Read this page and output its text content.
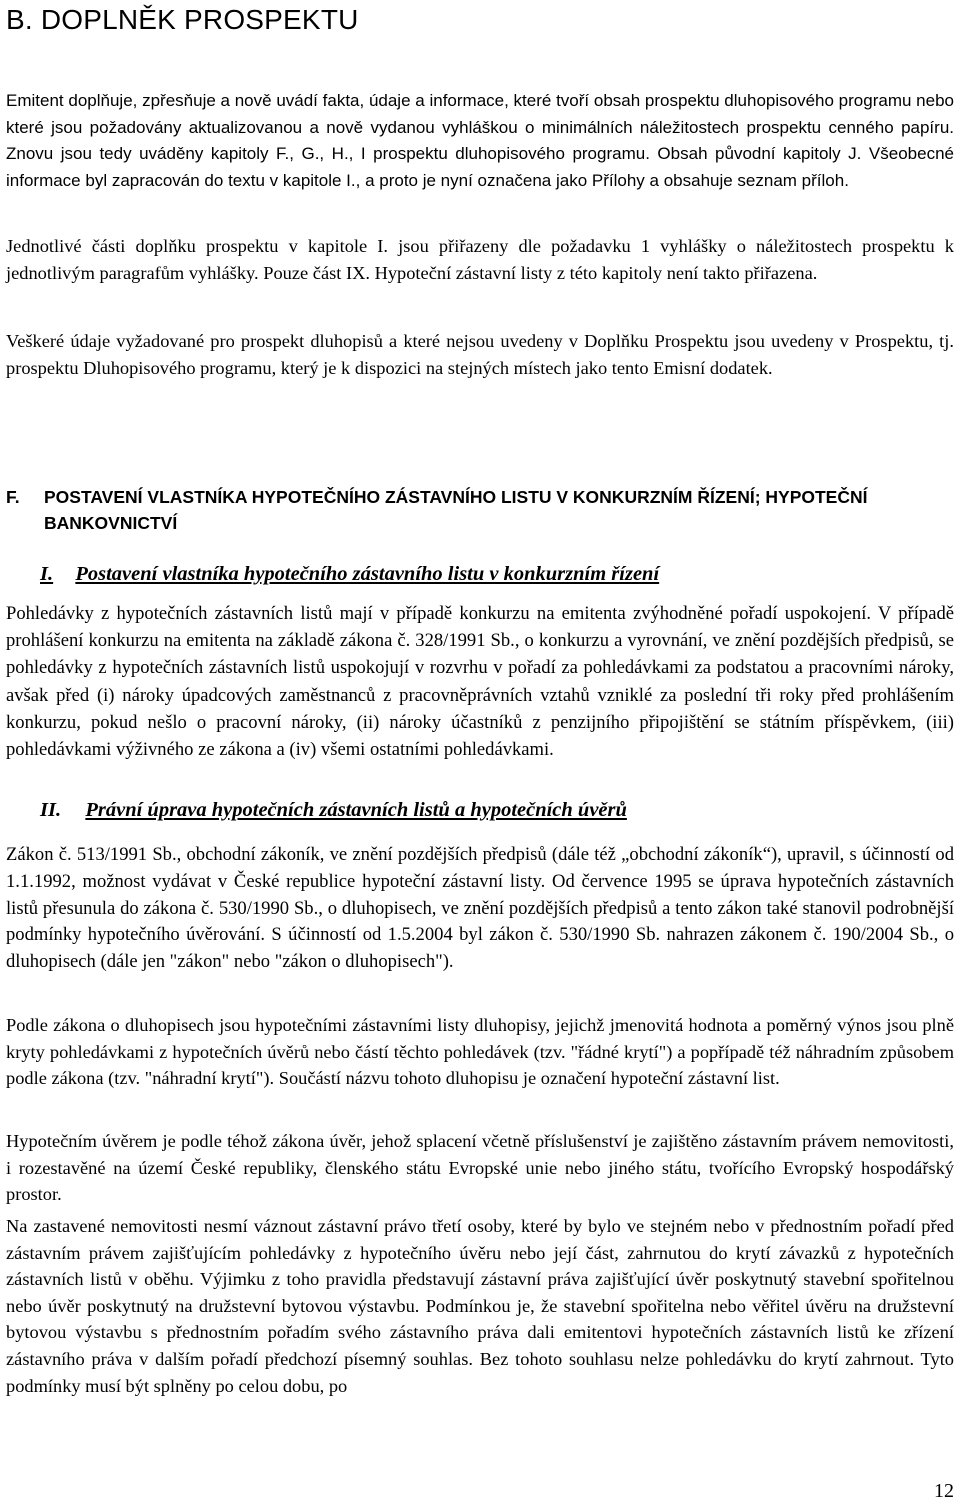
B. DOPLNĚK PROSPEKTU

Emitent doplňuje, zpřesňuje a nově uvádí fakta, údaje a informace, které tvoří obsah prospektu dluhopisového programu nebo které jsou požadovány aktualizovanou a nově vydanou vyhláškou o minimálních náležitostech prospektu cenného papíru. Znovu jsou tedy uváděny kapitoly F., G., H., I prospektu dluhopisového programu. Obsah původní kapitoly J. Všeobecné informace byl zapracován do textu v kapitole I., a proto je nyní označena jako Přílohy a obsahuje seznam příloh.

Jednotlivé části doplňku prospektu v kapitole I. jsou přiřazeny dle požadavku 1 vyhlášky o náležitostech prospektu k jednotlivým paragrafům vyhlášky. Pouze část IX. Hypoteční zástavní listy z této kapitoly není takto přiřazena.

Veškeré údaje vyžadované pro prospekt dluhopisů a které nejsou uvedeny v Doplňku Prospektu jsou uvedeny v Prospektu, tj. prospektu Dluhopisového programu, který je k dispozici na stejných místech jako tento Emisní dodatek.

F.	POSTAVENÍ VLASTNÍKA HYPOTEČNÍHO ZÁSTAVNÍHO LISTU V KONKURZNÍM ŘÍZENÍ; HYPOTEČNÍ BANKOVNICTVÍ
I. Postavení vlastníka hypotečního zástavního listu v konkurzním řízení

Pohledávky z hypotečních zástavních listů mají v případě konkurzu na emitenta zvýhodněné pořadí uspokojení. V případě prohlášení konkurzu na emitenta na základě zákona č. 328/1991 Sb., o konkurzu a vyrovnání, ve znění pozdějších předpisů, se pohledávky z hypotečních zástavních listů uspokojují v rozvrhu v pořadí za pohledávkami za podstatou a pracovními nároky, avšak před (i) nároky úpadcových zaměstnanců z pracovněprávních vztahů vzniklé za poslední tři roky před prohlášením konkurzu, pokud nešlo o pracovní nároky, (ii) nároky účastníků z penzijního připojištění se státním příspěvkem, (iii) pohledávkami výživného ze zákona a (iv) všemi ostatními pohledávkami.

II. Právní úprava hypotečních zástavních listů a hypotečních úvěrů

Zákon č. 513/1991 Sb., obchodní zákoník, ve znění pozdějších předpisů (dále též „obchodní zákoník“), upravil, s účinností od 1.1.1992, možnost vydávat v České republice hypoteční zástavní listy. Od července 1995 se úprava hypotečních zástavních listů přesunula do zákona č. 530/1990 Sb., o dluhopisech, ve znění pozdějších předpisů a tento zákon také stanovil podrobnější podmínky hypotečního úvěrování. S účinností od 1.5.2004 byl zákon č. 530/1990 Sb. nahrazen zákonem č. 190/2004 Sb., o dluhopisech (dále jen "zákon" nebo "zákon o dluhopisech").

Podle zákona o dluhopisech jsou hypotečními zástavními listy dluhopisy, jejichž jmenovitá hodnota a poměrný výnos jsou plně kryty pohledávkami z hypotečních úvěrů nebo částí těchto pohledávek (tzv. "řádné krytí") a popřípadě též náhradním způsobem podle zákona (tzv. "náhradní krytí"). Součástí názvu tohoto dluhopisu je označení hypoteční zástavní list.

Hypotečním úvěrem je podle téhož zákona úvěr, jehož splacení včetně příslušenství je zajištěno zástavním právem nemovitosti, i rozestavěné na území České republiky, členského státu Evropské unie nebo jiného státu, tvořícího Evropský hospodářský prostor.

Na zastavené nemovitosti nesmí váznout zástavní právo třetí osoby, které by bylo ve stejném nebo v přednostním pořadí před zástavním právem zajišťujícím pohledávky z hypotečního úvěru nebo její část, zahrnutou do krytí závazků z hypotečních zástavních listů v oběhu. Výjimku z toho pravidla představují zástavní práva zajišťující úvěr poskytnutý stavební spořitelnou nebo úvěr poskytnutý na družstevní bytovou výstavbu. Podmínkou je, že stavební spořitelna nebo věřitel úvěru na družstevní bytovou výstavbu s přednostním pořadím svého zástavního práva dali emitentovi hypotečních zástavních listů ke zřízení zástavního práva v dalším pořadí předchozí písemný souhlas. Bez tohoto souhlasu nelze pohledávku do krytí zahrnout. Tyto podmínky musí být splněny po celou dobu, po

12
